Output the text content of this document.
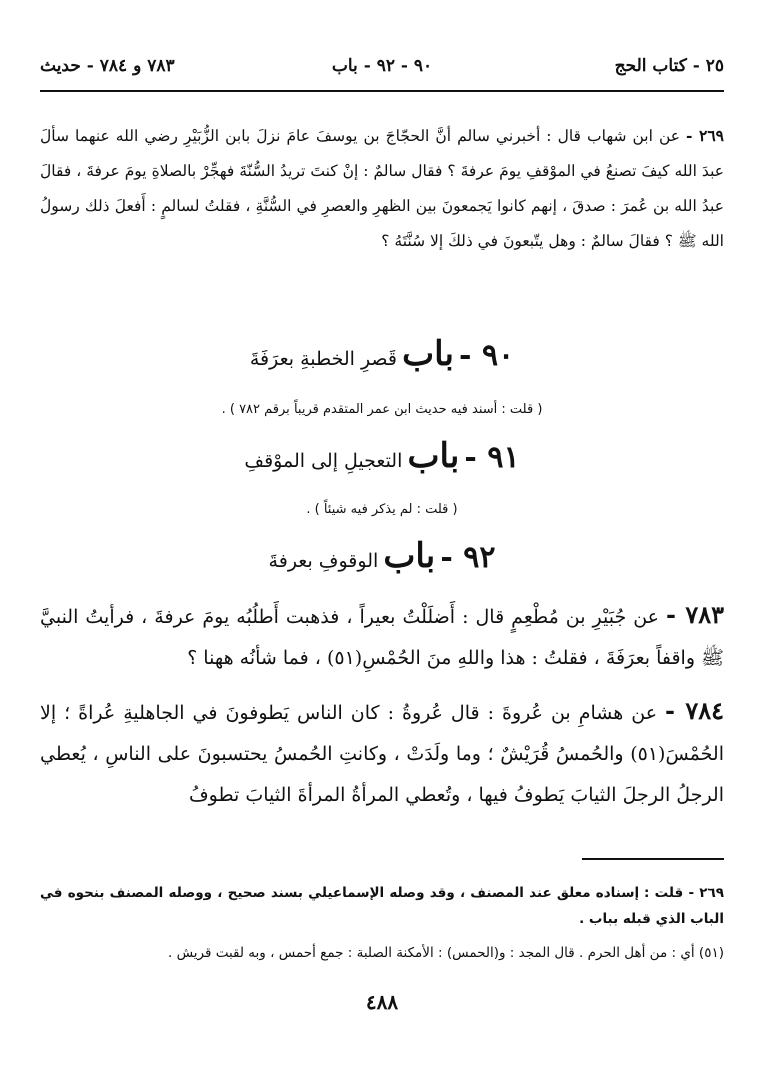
٢٥ - كتاب الحج
٩٠ - ٩٢ - باب
٧٨٣ و ٧٨٤ - حديث
٢٦٩ - عن ابن شهاب قال : أخبرني سالم أنَّ الحجّاجَ بن يوسفَ عامَ نزلَ بابن الزُّبَيْرِ رضي الله عنهما سألَ عبدَ الله كيفَ تصنعُ في الموْقفِ يومَ عرفةَ ؟ فقال سالمٌ : إنْ كنتَ تريدُ السُّنّةَ فهجِّرْ بالصلاةِ يومَ عرفةَ ، فقالَ عبدُ الله بن عُمرَ : صدقَ ، إنهم كانوا يَجمعونَ بين الظهرِ والعصرِ في السُّنَّةِ ، فقلتُ لسالمٍ : أَفعلَ ذلك رسولُ الله ﷺ ؟ فقالَ سالمٌ : وهل يتّبعونَ في ذلكَ إلا سُنَّتَهُ ؟
٩٠ - باب قَصرِ الخطبةِ بعرَفَةَ
( قلت : أسند فيه حديث ابن عمر المتقدم قريباً برقم ٧٨٢ ) .
٩١ - باب التعجيلِ إلى الموْقفِ
( قلت : لم يذكر فيه شيئاً ) .
٩٢ - باب الوقوفِ بعرفةَ
٧٨٣ - عن جُبَيْرِ بن مُطْعِمٍ قال : أَضلَلْتُ بعيراً ، فذهبت أَطلُبُه يومَ عرفةَ ، فرأيتُ النبيَّ ﷺ واقفاً بعرَفَةَ ، فقلتُ : هذا واللهِ منَ الحُمْسِ(٥١) ، فما شأنُه ههنا ؟
٧٨٤ - عن هشامِ بن عُروةَ : قال عُروةُ : كان الناس يَطوفونَ في الجاهليةِ عُراةً ؛ إلا الحُمْسَ(٥١) والحُمسُ قُرَيْشٌ ؛ وما ولَدَتْ ، وكانتِ الحُمسُ يحتسبونَ على الناسِ ، يُعطي الرجلُ الرجلَ الثيابَ يَطوفُ فيها ، وتُعطي المرأةُ المرأةَ الثيابَ تطوفُ
٢٦٩ - قلت : إسناده معلق عند المصنف ، وقد وصله الإسماعيلي بسند صحيح ، ووصله المصنف بنحوه في الباب الذي قبله بباب .
(٥١) أي : من أهل الحرم . قال المجد : و(الحمس) : الأمكنة الصلبة : جمع أحمس ، وبه لقبت قريش .
٤٨٨
